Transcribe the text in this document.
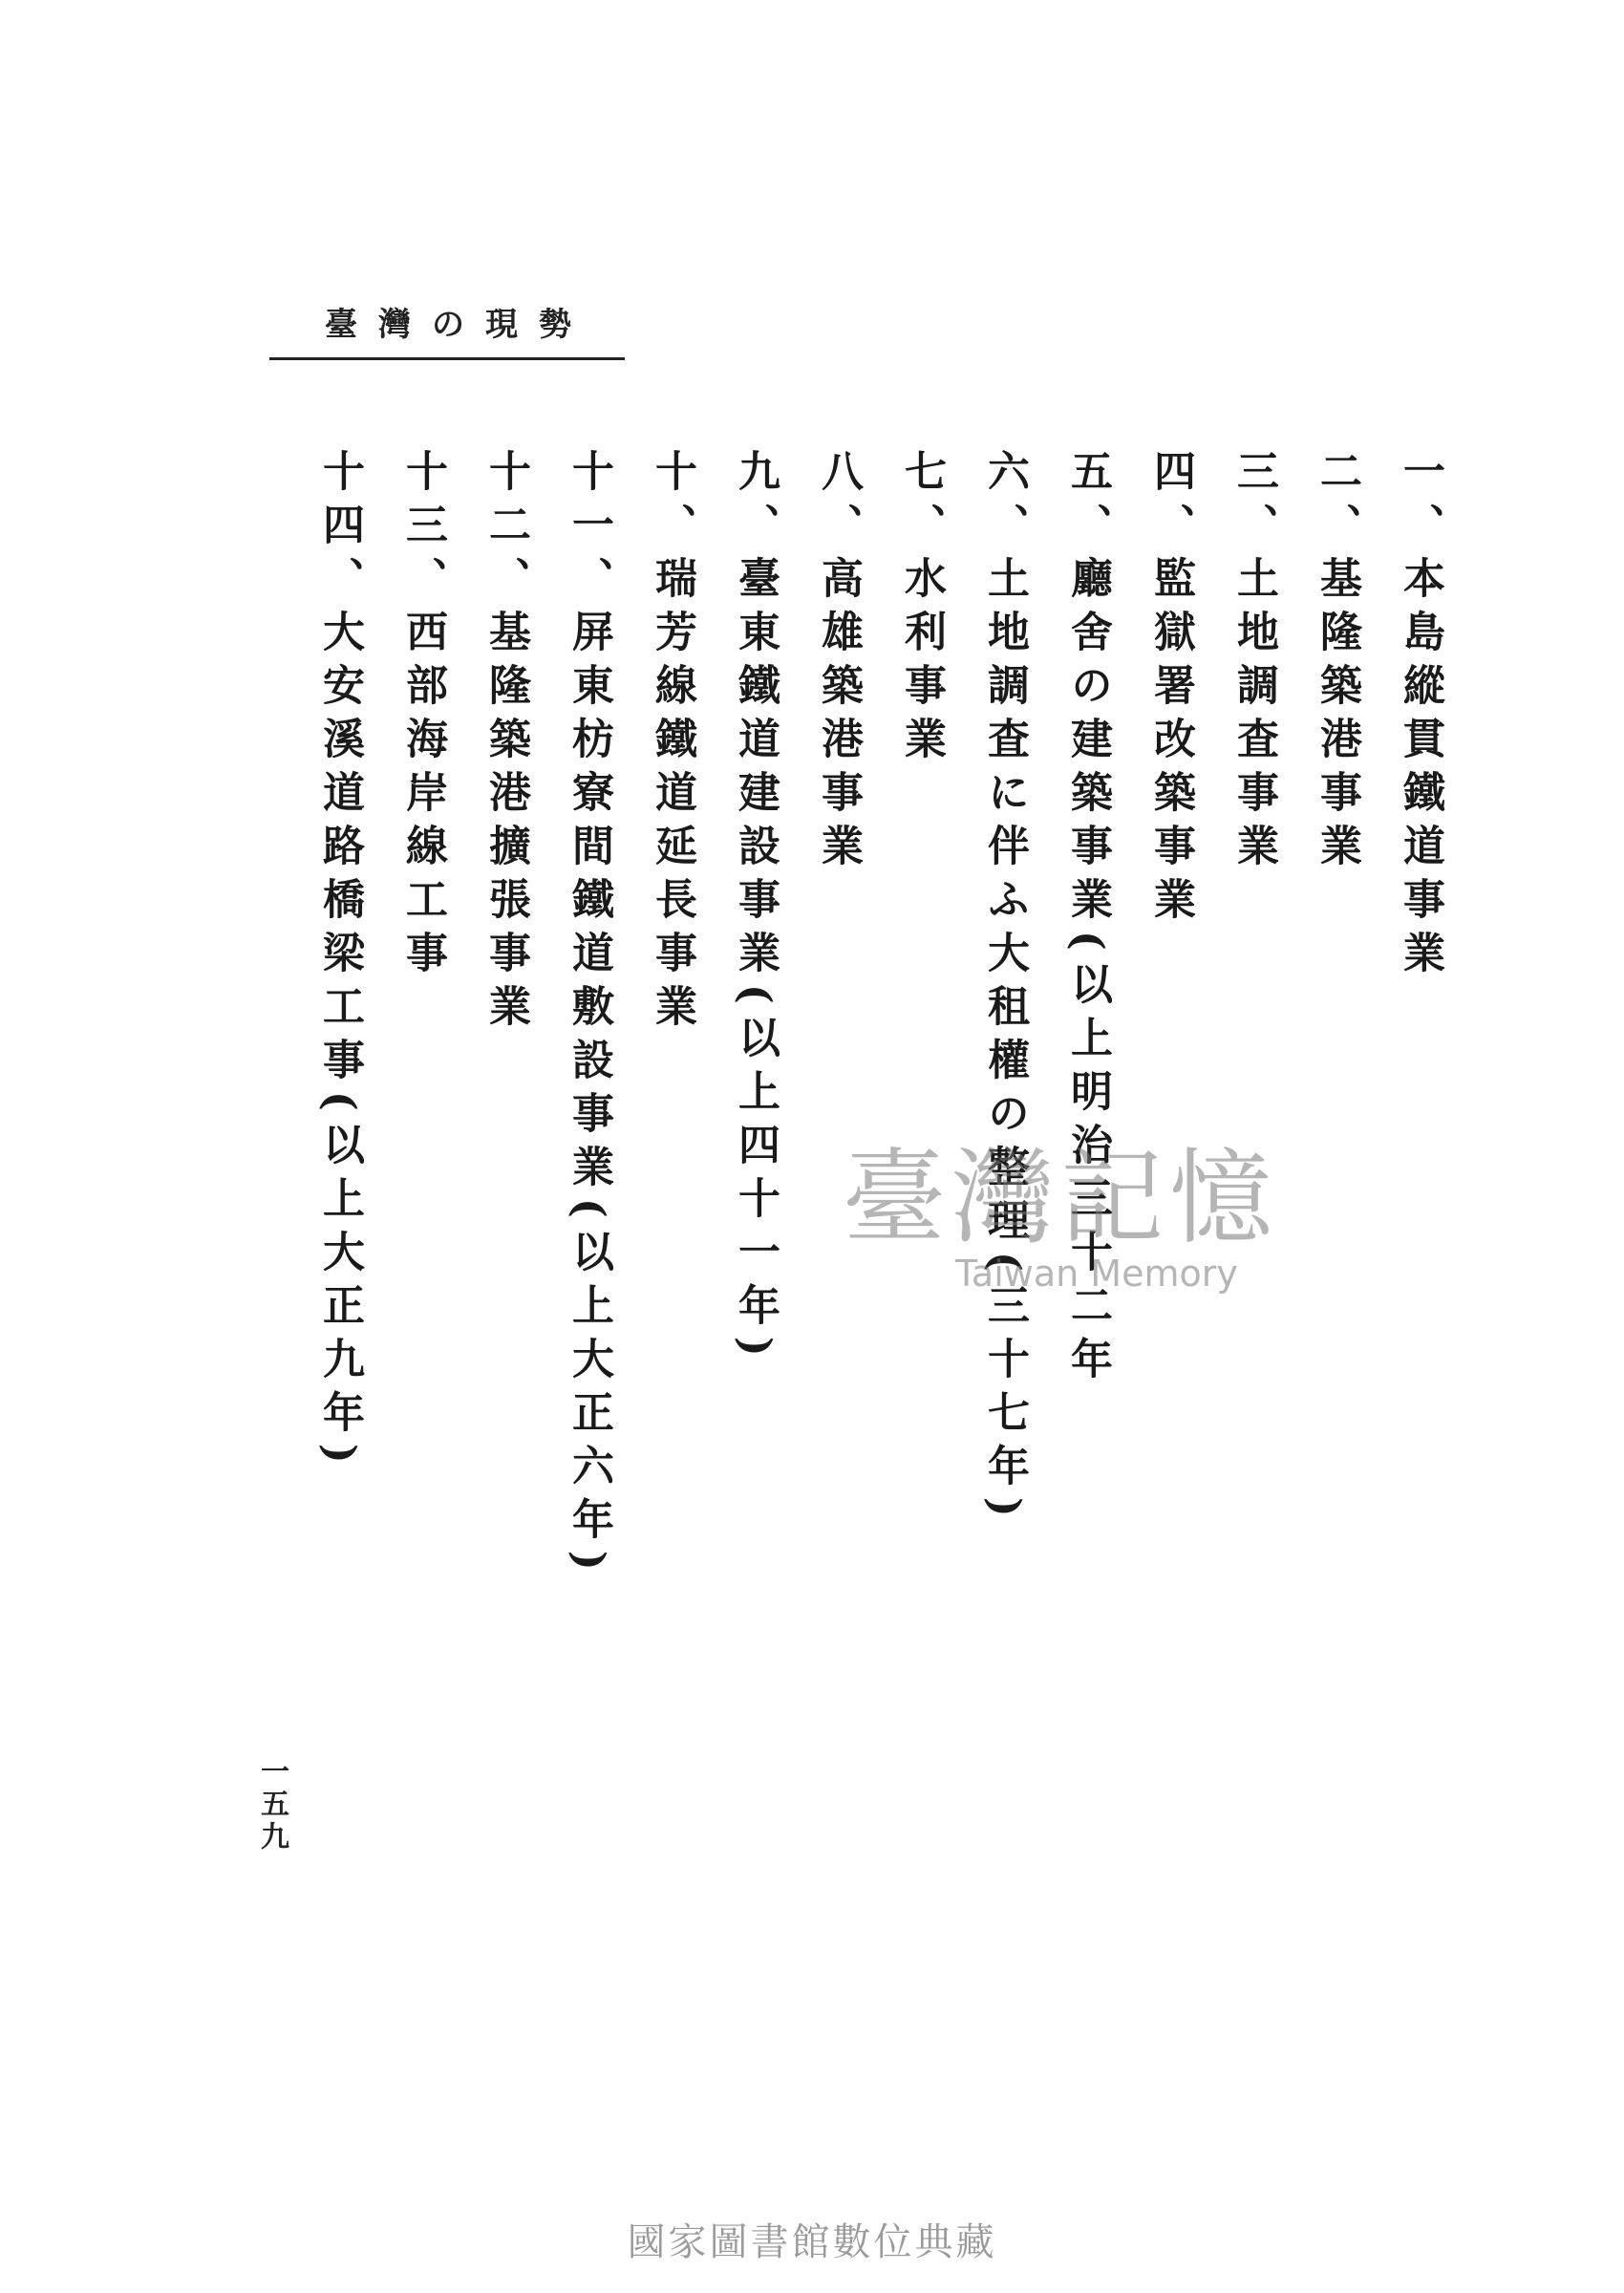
臺灣の現勢
一、本島縱貫鐵道事業
二、基隆築港事業
三、土地調査事業
四、監獄署改築事業
五、廳舍の建築事業(以上明治三十二年
六、土地調査に伴ふ大租權の整理(三十七年)
七、水利事業
八、高雄築港事業
九、臺東鐵道建設事業(以上四十一年)
十、瑞芳線鐵道延長事業
十一、屏東枋寮間鐵道敷設事業(以上大正六年)
十二、基隆築港擴張事業
十三、西部海岸線工事
十四、大安溪道路橋梁工事(以上大正九年)
一五九
臺灣記憶
Taiwan Memory
國家圖書館數位典藏
